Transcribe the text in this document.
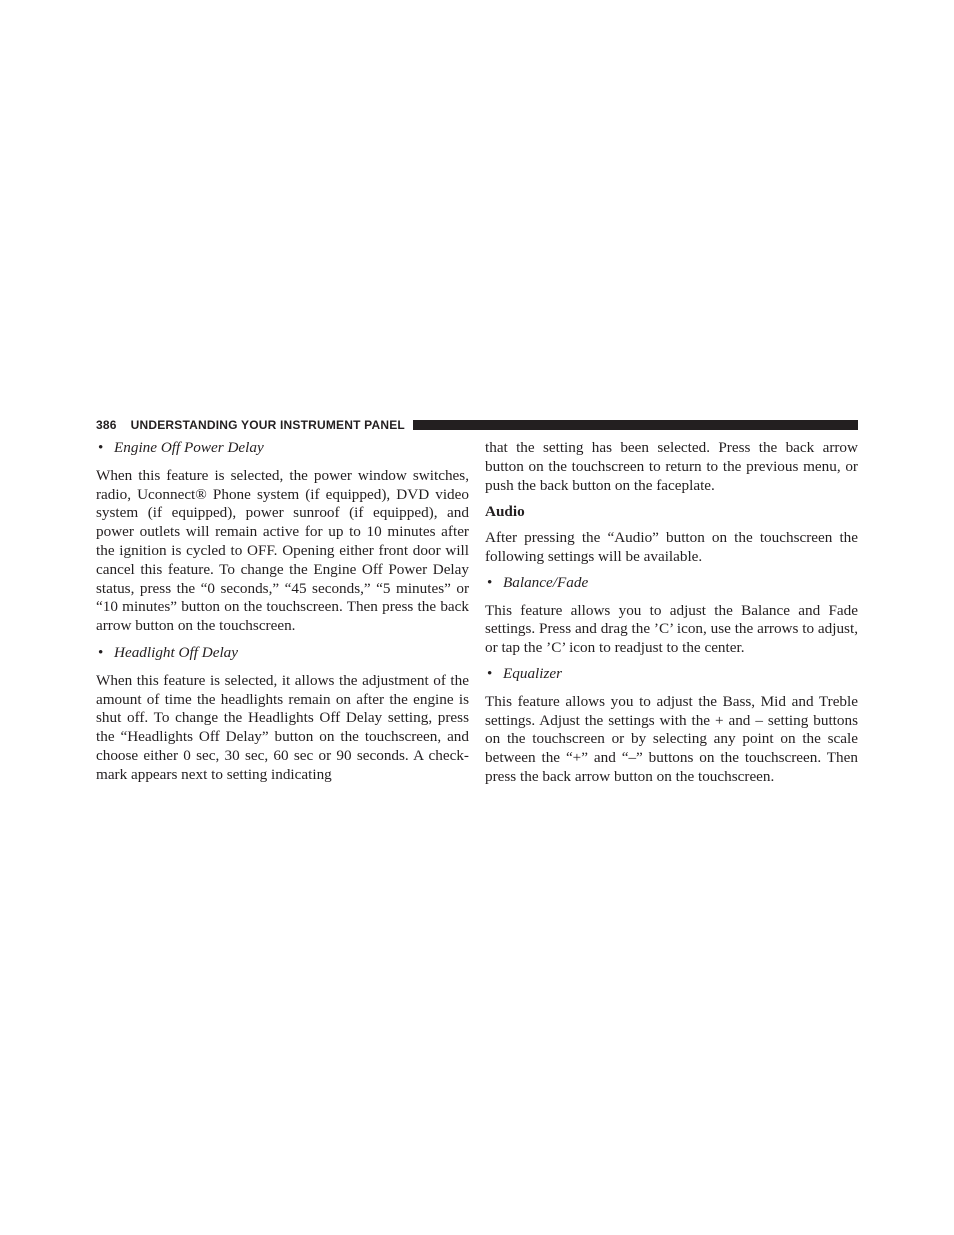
386 UNDERSTANDING YOUR INSTRUMENT PANEL
• Engine Off Power Delay

When this feature is selected, the power window switches, radio, Uconnect® Phone system (if equipped), DVD video system (if equipped), power sunroof (if equipped), and power outlets will remain active for up to 10 minutes after the ignition is cycled to OFF. Opening either front door will cancel this feature. To change the Engine Off Power Delay status, press the “0 seconds,” “45 seconds,” “5 minutes” or “10 minutes” button on the touchscreen. Then press the back arrow button on the touchscreen.

• Headlight Off Delay

When this feature is selected, it allows the adjustment of the amount of time the headlights remain on after the engine is shut off. To change the Headlights Off Delay setting, press the “Headlights Off Delay” button on the touchscreen, and choose either 0 sec, 30 sec, 60 sec or 90 seconds. A check-mark appears next to setting indicating

that the setting has been selected. Press the back arrow button on the touchscreen to return to the previous menu, or push the back button on the faceplate.

Audio

After pressing the “Audio” button on the touchscreen the following settings will be available.

• Balance/Fade

This feature allows you to adjust the Balance and Fade settings. Press and drag the ’C’ icon, use the arrows to adjust, or tap the ’C’ icon to readjust to the center.

• Equalizer

This feature allows you to adjust the Bass, Mid and Treble settings. Adjust the settings with the + and – setting buttons on the touchscreen or by selecting any point on the scale between the “+” and “–” buttons on the touchscreen. Then press the back arrow button on the touchscreen.
